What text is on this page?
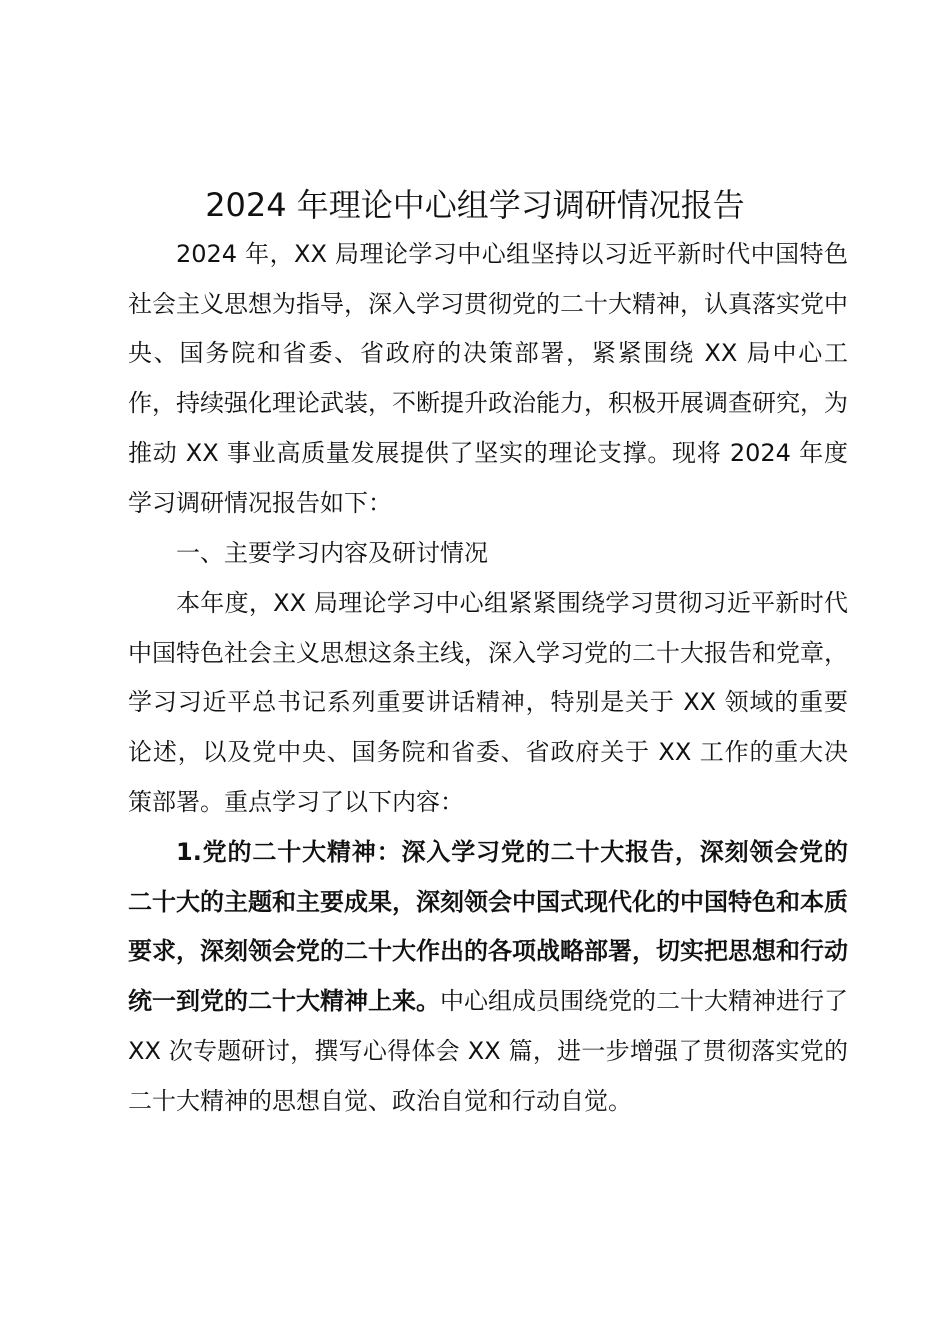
2024 年理论中心组学习调研情况报告

2024 年，XX 局理论学习中心组坚持以习近平新时代中国特色社会主义思想为指导，深入学习贯彻党的二十大精神，认真落实党中央、国务院和省委、省政府的决策部署，紧紧围绕 XX 局中心工作，持续强化理论武装，不断提升政治能力，积极开展调查研究，为推动 XX 事业高质量发展提供了坚实的理论支撑。现将 2024 年度学习调研情况报告如下：

一、主要学习内容及研讨情况

本年度，XX 局理论学习中心组紧紧围绕学习贯彻习近平新时代中国特色社会主义思想这条主线，深入学习党的二十大报告和党章，学习习近平总书记系列重要讲话精神，特别是关于 XX 领域的重要论述，以及党中央、国务院和省委、省政府关于 XX 工作的重大决策部署。重点学习了以下内容：

1.党的二十大精神：深入学习党的二十大报告，深刻领会党的二十大的主题和主要成果，深刻领会中国式现代化的中国特色和本质要求，深刻领会党的二十大作出的各项战略部署，切实把思想和行动统一到党的二十大精神上来。中心组成员围绕党的二十大精神进行了 XX 次专题研讨，撰写心得体会 XX 篇，进一步增强了贯彻落实党的二十大精神的思想自觉、政治自觉和行动自觉。
